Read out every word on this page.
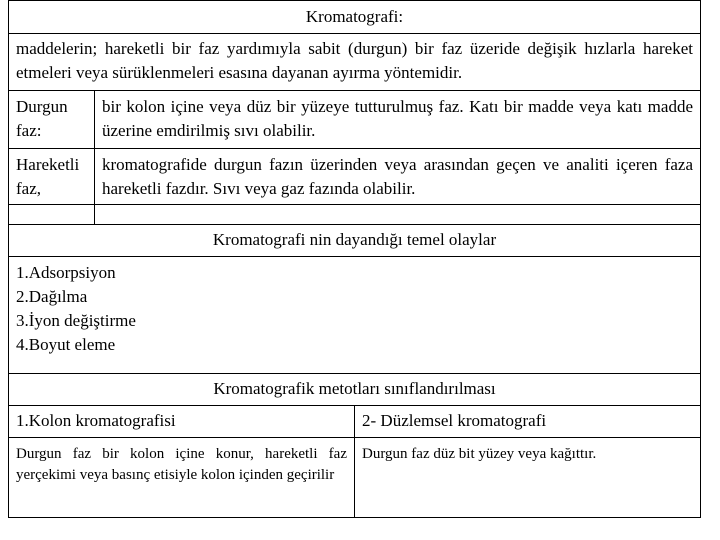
Kromatografi:
maddelerin; hareketli bir faz yardımıyla sabit (durgun) bir faz üzeride değişik hızlarla hareket etmeleri veya sürüklenmeleri esasına dayanan ayırma yöntemidir.
Durgun faz:
bir kolon içine veya düz bir yüzeye tutturulmuş faz. Katı bir madde veya katı madde üzerine emdirilmiş sıvı olabilir.
Hareketli faz,
kromatografide durgun fazın üzerinden veya arasından geçen ve analiti içeren faza hareketli fazdır. Sıvı veya gaz fazında olabilir.
Kromatografi nin dayandığı temel olaylar
1.Adsorpsiyon
2.Dağılma
3.İyon değiştirme
4.Boyut eleme
Kromatografik metotları sınıflandırılması
1.Kolon kromatografisi	2- Düzlemsel kromatografi
Durgun faz bir kolon içine konur, hareketli faz yerçekimi veya basınç etisiyle kolon içinden geçirilir
Durgun faz düz bit yüzey veya kağıttır.
